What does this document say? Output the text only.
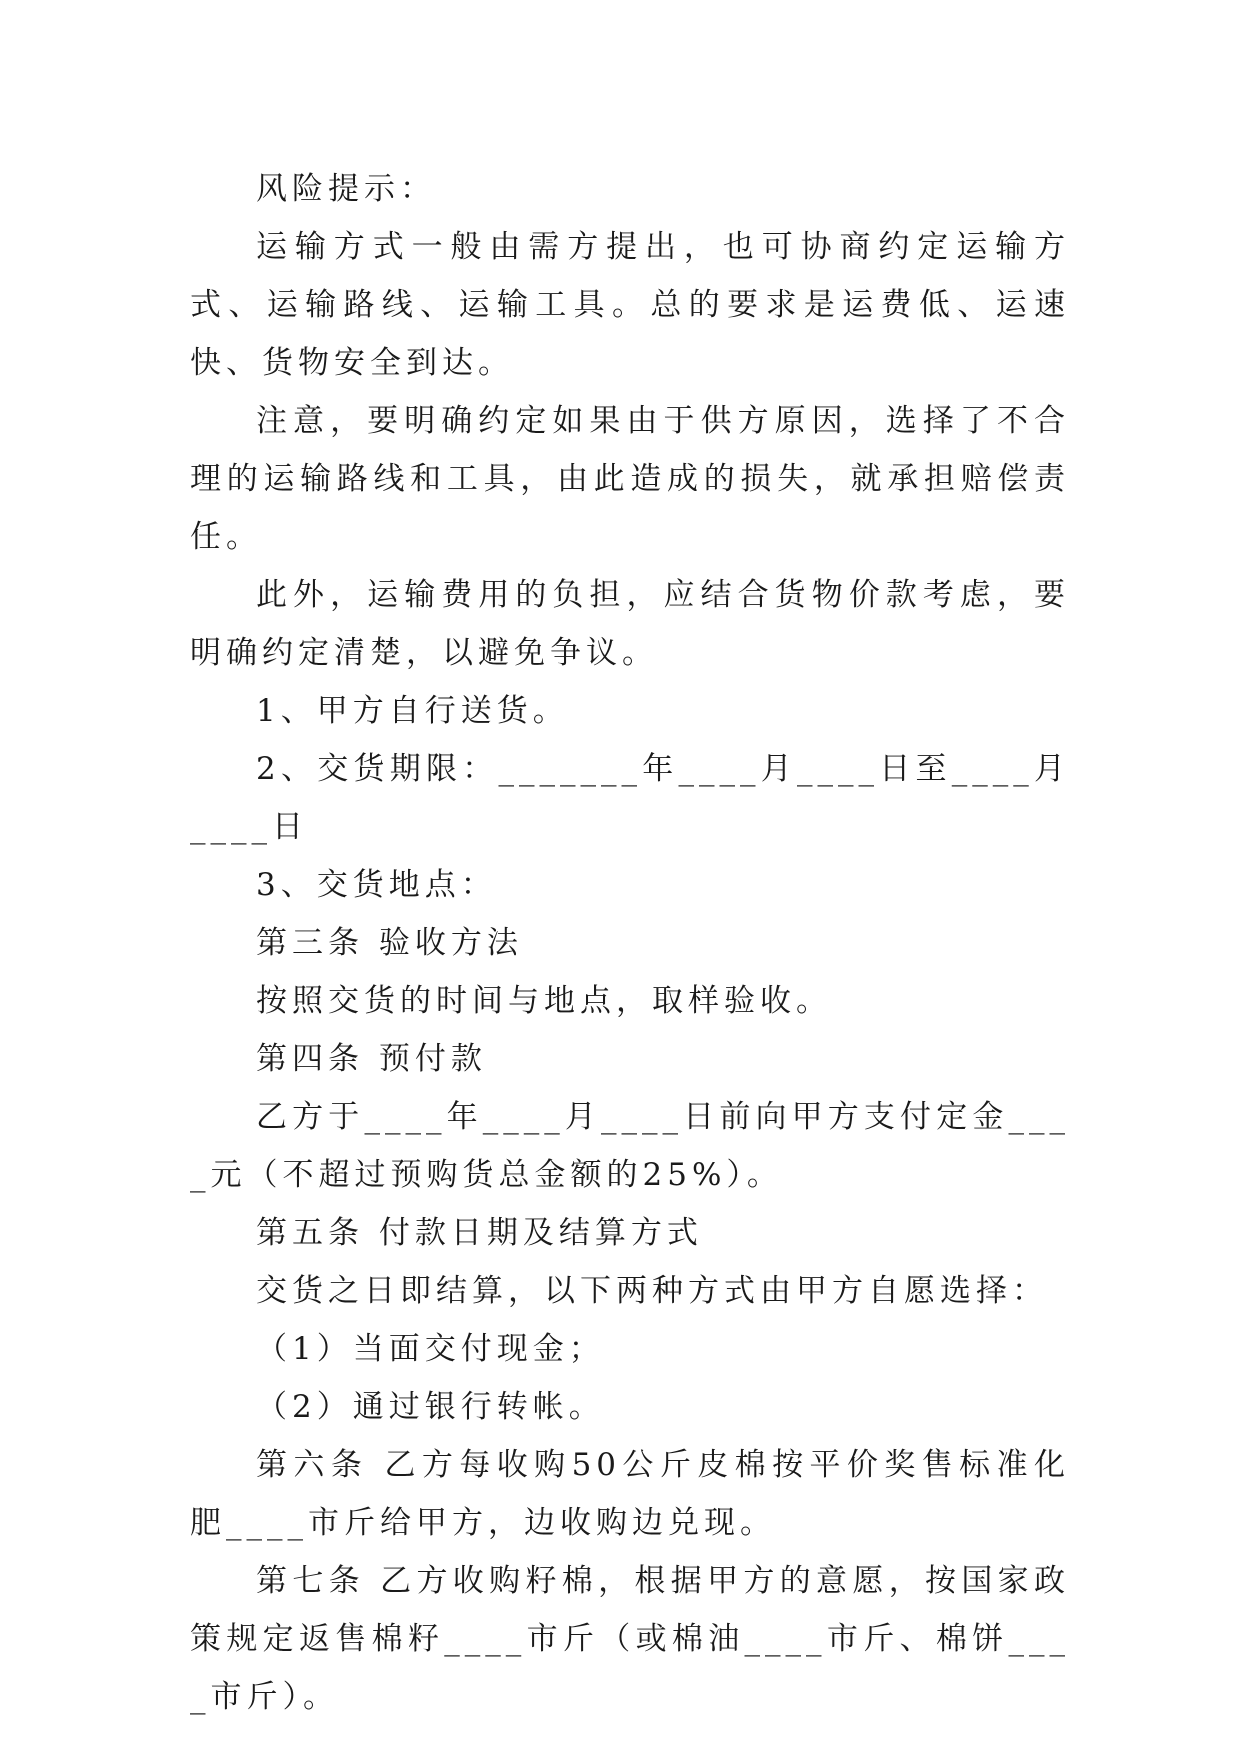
风险提示：

运输方式一般由需方提出，也可协商约定运输方式、运输路线、运输工具。总的要求是运费低、运速快、货物安全到达。

注意，要明确约定如果由于供方原因，选择了不合理的运输路线和工具，由此造成的损失，就承担赔偿责任。

此外，运输费用的负担，应结合货物价款考虑，要明确约定清楚，以避免争议。

1、甲方自行送货。

2、交货期限：_______年____月____日至____月____日

3、交货地点：

第三条 验收方法

按照交货的时间与地点，取样验收。

第四条 预付款

乙方于____年____月____日前向甲方支付定金____元（不超过预购货总金额的25%）。

第五条 付款日期及结算方式

交货之日即结算，以下两种方式由甲方自愿选择：

（1）当面交付现金；

（2）通过银行转帐。

第六条 乙方每收购50公斤皮棉按平价奖售标准化肥____市斤给甲方，边收购边兑现。

第七条 乙方收购籽棉，根据甲方的意愿，按国家政策规定返售棉籽____市斤（或棉油____市斤、棉饼____市斤）。
